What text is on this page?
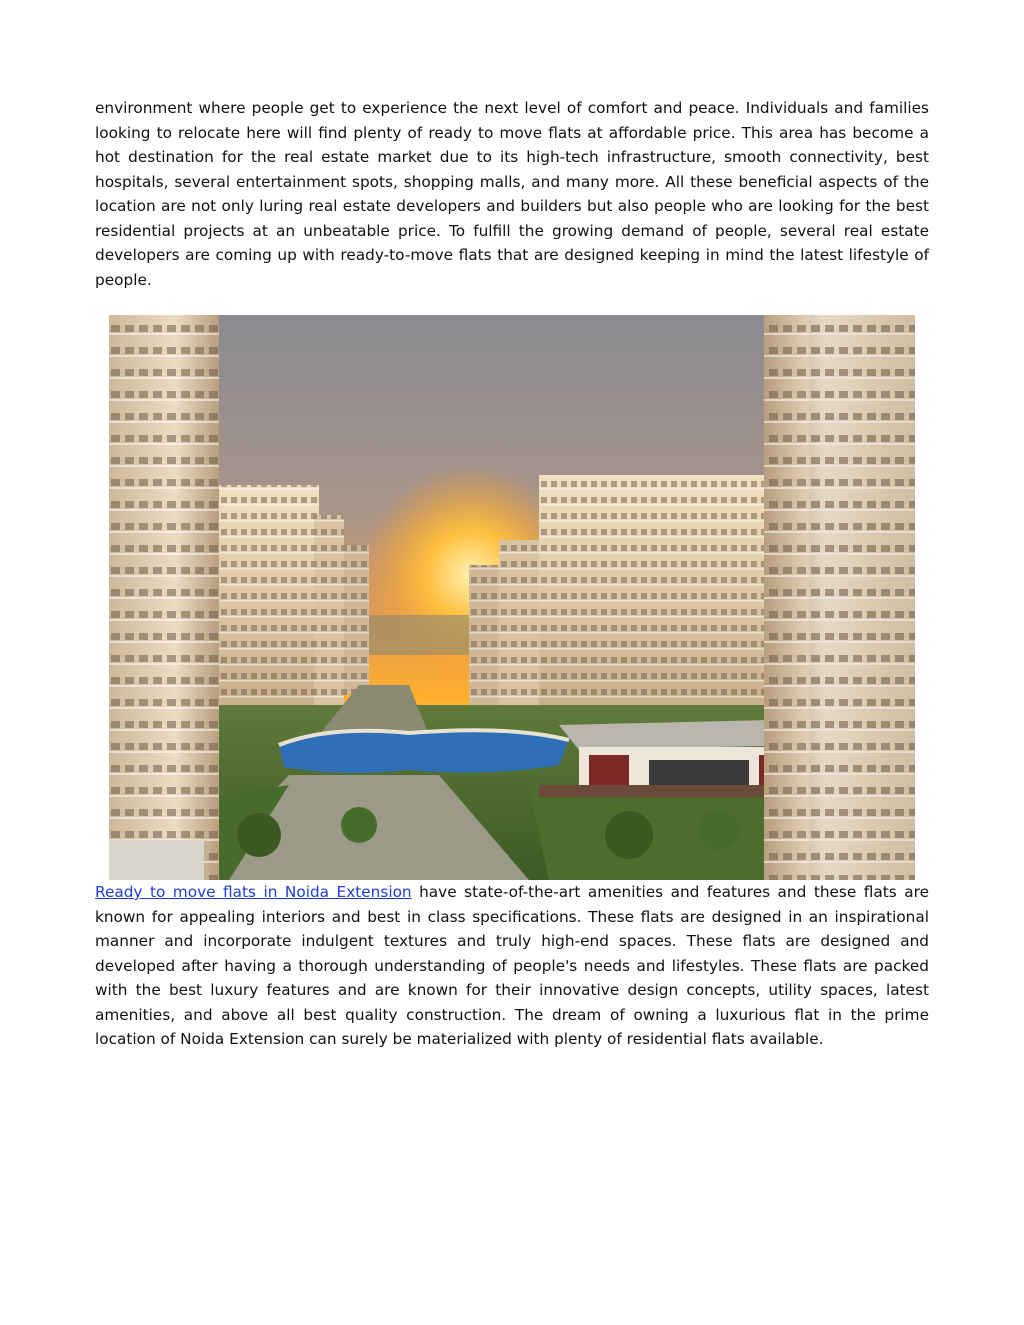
environment where people get to experience the next level of comfort and peace. Individuals and families looking to relocate here will find plenty of ready to move flats at affordable price. This area has become a hot destination for the real estate market due to its high-tech infrastructure, smooth connectivity, best hospitals, several entertainment spots, shopping malls, and many more. All these beneficial aspects of the location are not only luring real estate developers and builders but also people who are looking for the best residential projects at an unbeatable price. To fulfill the growing demand of people, several real estate developers are coming up with ready-to-move flats that are designed keeping in mind the latest lifestyle of people.

Ready to move flats in Noida Extension have state-of-the-art amenities and features and these flats are known for appealing interiors and best in class specifications. These flats are designed in an inspirational manner and incorporate indulgent textures and truly high-end spaces. These flats are designed and developed after having a thorough understanding of people's needs and lifestyles. These flats are packed with the best luxury features and are known for their innovative design concepts, utility spaces, latest amenities, and above all best quality construction. The dream of owning a luxurious flat in the prime location of Noida Extension can surely be materialized with plenty of residential flats available.
